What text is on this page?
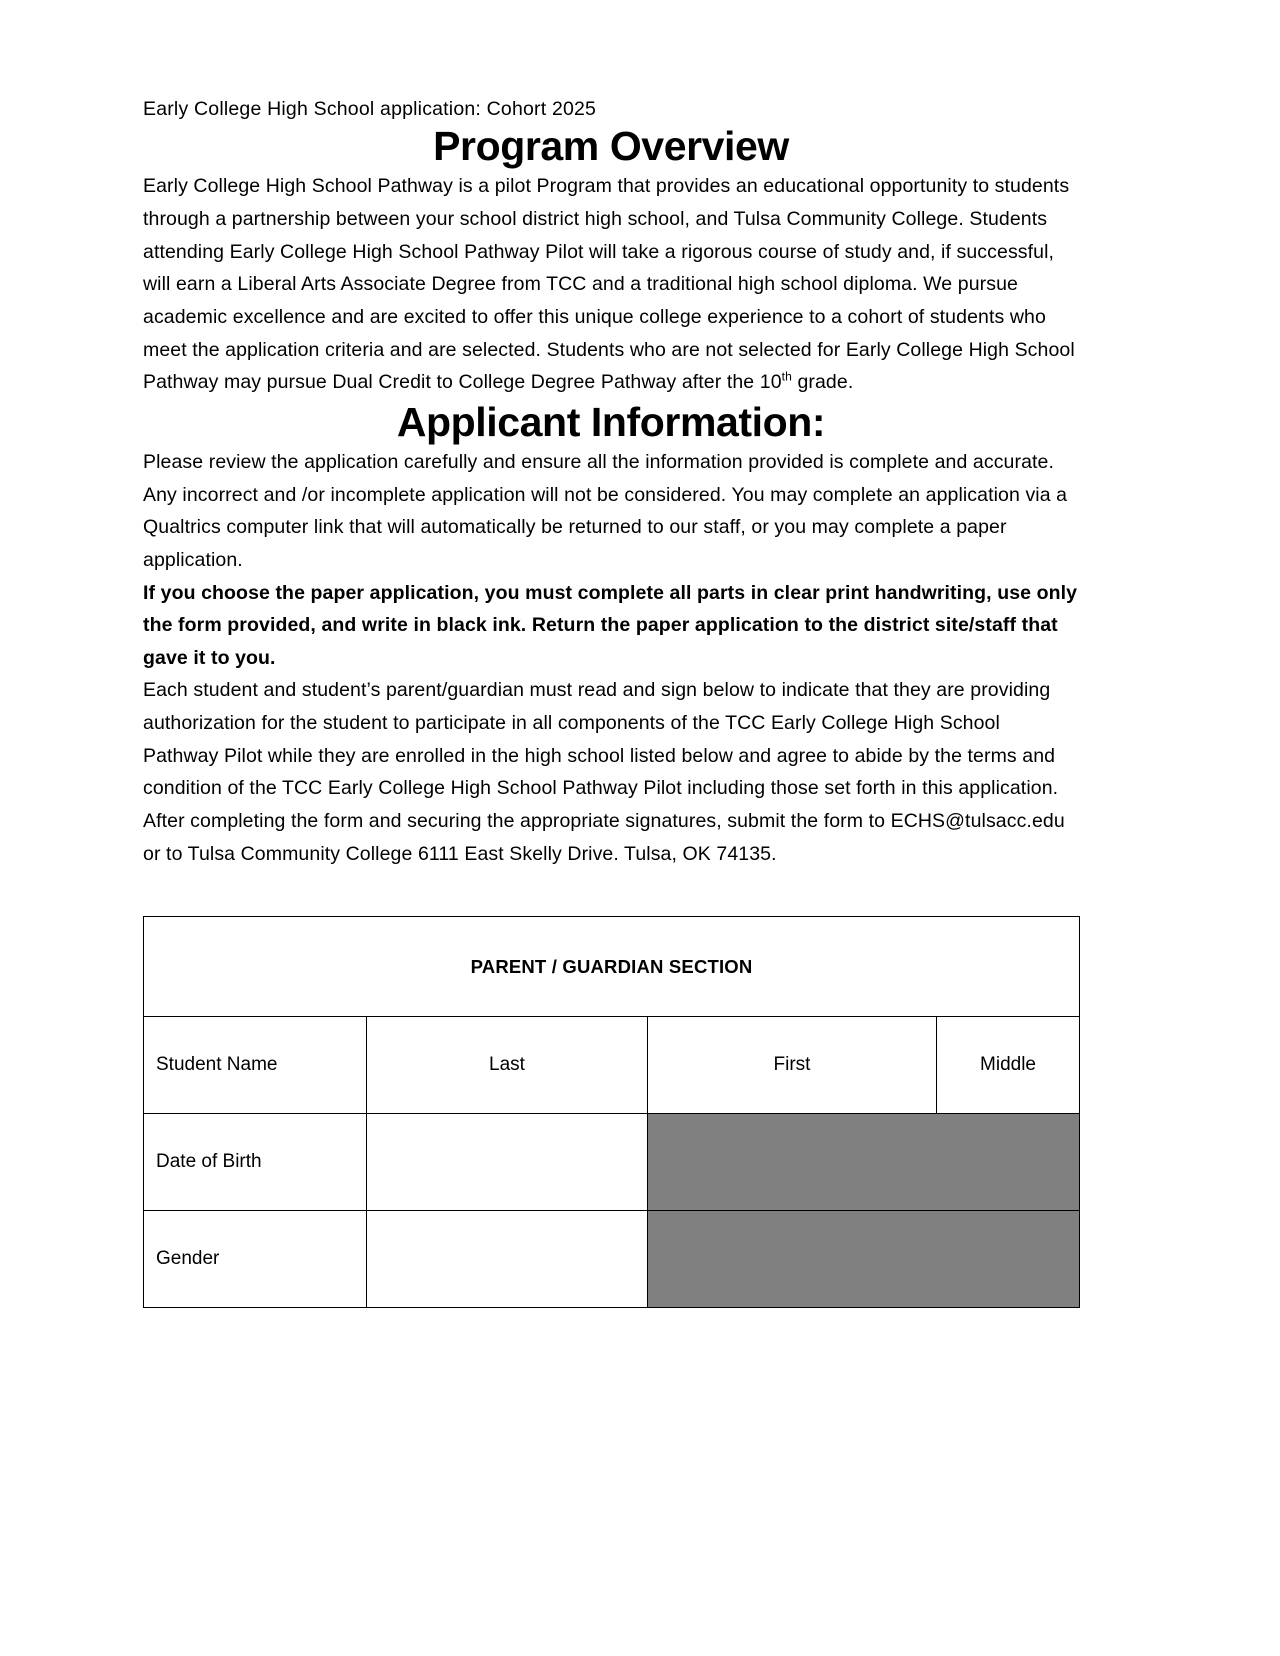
Early College High School application: Cohort 2025
Program Overview

Early College High School Pathway is a pilot Program that provides an educational opportunity to students through a partnership between your school district high school, and Tulsa Community College. Students attending Early College High School Pathway Pilot will take a rigorous course of study and, if successful, will earn a Liberal Arts Associate Degree from TCC and a traditional high school diploma. We pursue academic excellence and are excited to offer this unique college experience to a cohort of students who meet the application criteria and are selected. Students who are not selected for Early College High School Pathway may pursue Dual Credit to College Degree Pathway after the 10th grade.

Applicant Information:

Please review the application carefully and ensure all the information provided is complete and accurate. Any incorrect and /or incomplete application will not be considered. You may complete an application via a Qualtrics computer link that will automatically be returned to our staff, or you may complete a paper application.

If you choose the paper application, you must complete all parts in clear print handwriting, use only the form provided, and write in black ink. Return the paper application to the district site/staff that gave it to you.

Each student and student’s parent/guardian must read and sign below to indicate that they are providing authorization for the student to participate in all components of the TCC Early College High School Pathway Pilot while they are enrolled in the high school listed below and agree to abide by the terms and condition of the TCC Early College High School Pathway Pilot including those set forth in this application. After completing the form and securing the appropriate signatures, submit the form to ECHS@tulsacc.edu or to Tulsa Community College 6111 East Skelly Drive. Tulsa, OK 74135.

PARENT / GUARDIAN SECTION			
Student Name	Last	First	Middle
Date of Birth			
Gender			
